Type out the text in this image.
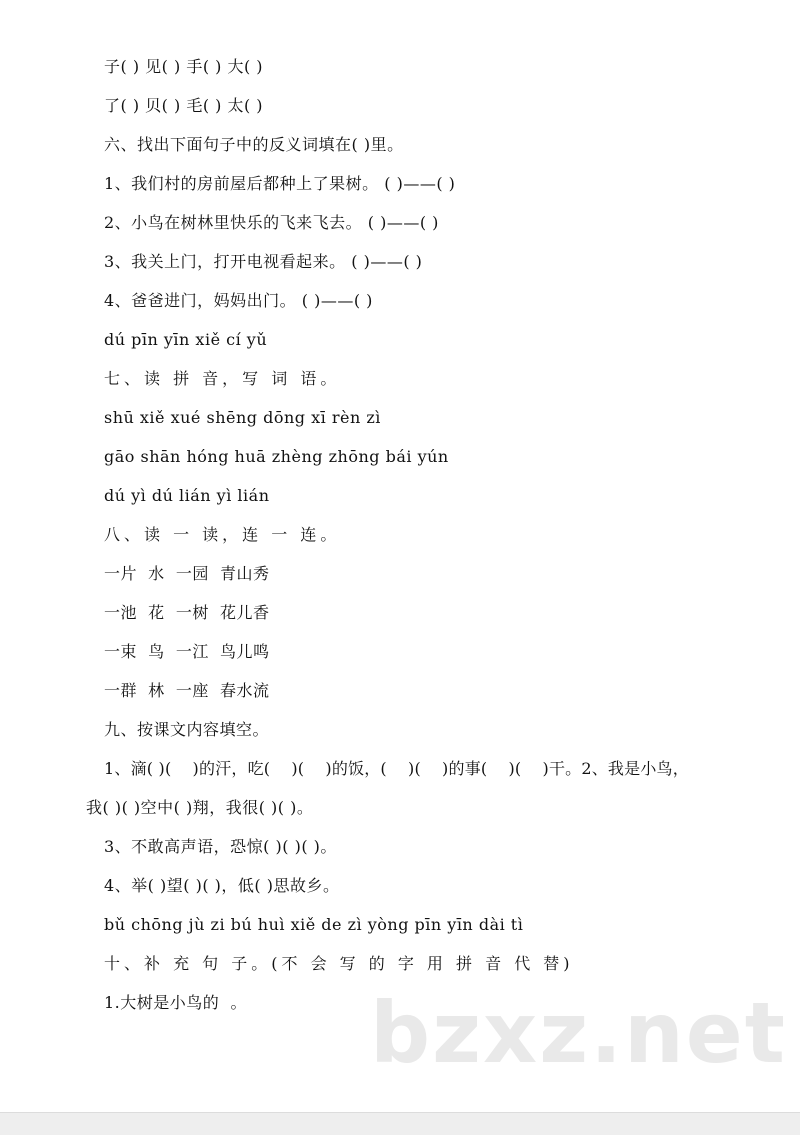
子( ) 见( ) 手( ) 大( )
了( ) 贝( ) 毛( ) 太( )
六、找出下面句子中的反义词填在( )里。
1、我们村的房前屋后都种上了果树。 ( )——( )
2、小鸟在树林里快乐的飞来飞去。 ( )——( )
3、我关上门，打开电视看起来。 ( )——( )
4、爸爸进门，妈妈出门。 ( )——( )
dú pīn yīn xiě cí yǔ
七、读 拼 音，写 词 语。
shū xiě xué shēng dōng xī rèn zì
gāo shān hóng huā zhèng zhōng bái yún
dú yì dú lián yì lián
八、读 一 读，连 一 连。
一片  水  一园  青山秀
一池  花  一树  花儿香
一束  鸟  一江  鸟儿鸣
一群  林  一座  春水流
九、按课文内容填空。
1、滴( )(    )的汗，吃(    )(    )的饭，(    )(    )的事(    )(    )干。2、我是小鸟，
我( )( )空中( )翔，我很( )( )。
3、不敢高声语，恐惊( )( )( )。
4、举( )望( )( )，低( )思故乡。
bǔ chōng jù zi bú huì xiě de zì yòng pīn yīn dài tì
十、补 充 句 子。(不 会 写 的 字 用 拼 音 代 替)
1.大树是小鸟的  。 bzxz.net
